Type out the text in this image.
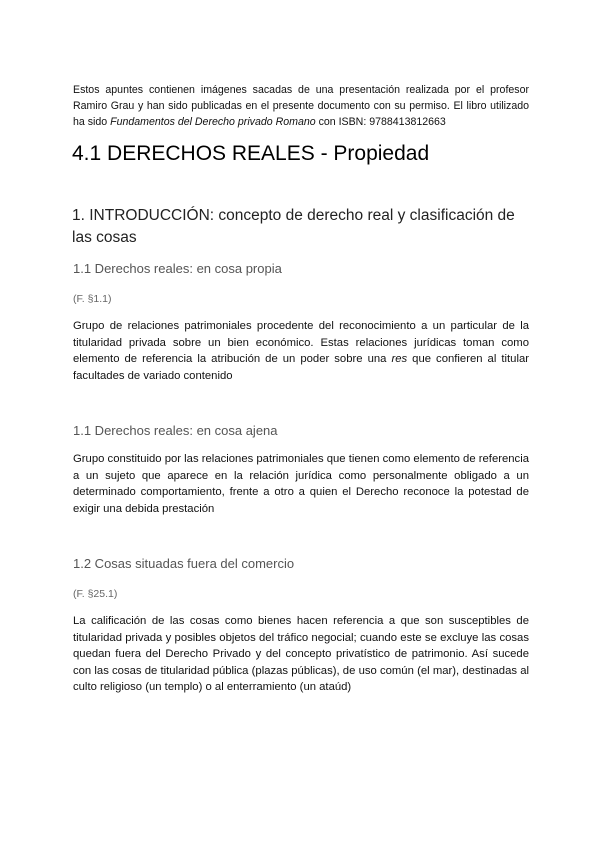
Estos apuntes contienen imágenes sacadas de una presentación realizada por el profesor Ramiro Grau y han sido publicadas en el presente documento con su permiso. El libro utilizado ha sido Fundamentos del Derecho privado Romano con ISBN: 9788413812663

4.1 DERECHOS REALES - Propiedad
1. INTRODUCCIÓN: concepto de derecho real y clasificación de las cosas
1.1 Derechos reales: en cosa propia

(F. §1.1)

Grupo de relaciones patrimoniales procedente del reconocimiento a un particular de la titularidad privada sobre un bien económico. Estas relaciones jurídicas toman como elemento de referencia la atribución de un poder sobre una res que confieren al titular facultades de variado contenido

1.1 Derechos reales: en cosa ajena

Grupo constituido por las relaciones patrimoniales que tienen como elemento de referencia a un sujeto que aparece en la relación jurídica como personalmente obligado a un determinado comportamiento, frente a otro a quien el Derecho reconoce la potestad de exigir una debida prestación

1.2 Cosas situadas fuera del comercio

(F. §25.1)

La calificación de las cosas como bienes hacen referencia a que son susceptibles de titularidad privada y posibles objetos del tráfico negocial; cuando este se excluye las cosas quedan fuera del Derecho Privado y del concepto privatístico de patrimonio. Así sucede con las cosas de titularidad pública (plazas públicas), de uso común (el mar), destinadas al culto religioso (un templo) o al enterramiento (un ataúd)
